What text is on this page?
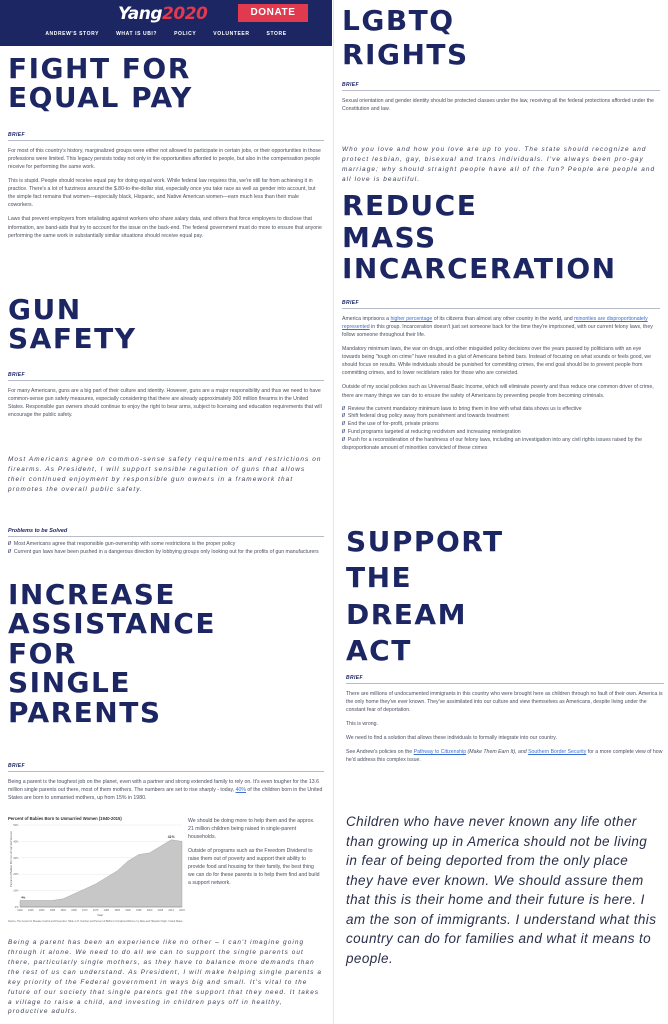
Yang2020	DONATE
ANDREW'S STORY	WHAT IS UBI?	POLICY	VOLUNTEER	STORE
FIGHT FOR
EQUAL PAY
BRIEF

For most of this country's history, marginalized groups were either not allowed to participate in certain jobs, or their opportunities in those professions were limited. This legacy persists today not only in the opportunities afforded to people, but also in the compensation people receive for performing the same work.

This is stupid. People should receive equal pay for doing equal work. While federal law requires this, we're still far from achieving it in practice. There's a lot of fuzziness around the $.80-to-the-dollar stat, especially once you take race as well as gender into account, but the simple fact remains that women—especially black, Hispanic, and Native American women—earn much less than their male coworkers.

Laws that prevent employers from retaliating against workers who share salary data, and others that force employers to disclose that information, are band-aids that try to account for the issue on the back-end. The federal government must do more to ensure that anyone performing the same work in substantially similar situations should receive equal pay.

GUN
SAFETY
BRIEF

For many Americans, guns are a big part of their culture and identity. However, guns are a major responsibility and thus we need to have common-sense gun safety measures, especially considering that there are already approximately 300 million firearms in the United States. Responsible gun owners should continue to enjoy the right to bear arms, subject to licensing and education requirements that will encourage the public safety.

Most Americans agree on common-sense safety requirements and restrictions on firearms. As President, I will support sensible regulation of guns that allows their continued enjoyment by responsible gun owners in a framework that promotes the overall public safety.

Problems to be Solved
// Most Americans agree that responsible gun-ownership with some restrictions is the proper policy
// Current gun laws have been pushed in a dangerous direction by lobbying groups only looking out for the profits of gun manufacturers
INCREASE
ASSISTANCE
FOR
SINGLE
PARENTS
BRIEF

Being a parent is the toughest job on the planet, even with a partner and strong extended family to rely on. It's even tougher for the 13.6 million single parents out there, most of them mothers. The numbers are set to rise sharply - today, 40% of the children born in the United States are born to unmarried mothers, up from 15% in 1980.

Percent of Babies Born to Unmarried Women (1940-2015)
Percent of Babies Born to Unmarried Women
0%
10%
20%
30%
40%
50%
1940 1945 1950 1955 1960 1965 1970 1975 1980 1985 1990 1995 2000 2005 2010 2015
41%
4%
Year
Source: The Center for Disease Control and Prevention, Table 1-17, Number and Percent of Births to Unmarried Women, by Race and Hispanic Origin: United States

We should be doing more to help them and the approx. 21 million children being raised in single-parent households.

Outside of programs such as the Freedom Dividend to raise them out of poverty and support their ability to provide food and housing for their family, the best thing we can do for these parents is to help them find and build a support network.

Being a parent has been an experience like no other – I can't imagine going through it alone. We need to do all we can to support the single parents out there, particularly single mothers, as they have to balance more demands than the rest of us can understand. As President, I will make helping single parents a key priority of the Federal government in ways big and small. It's vital to the future of our society that single parents get the support that they need. It takes a village to raise a child, and investing in children pays off in healthy, productive adults.

LGBTQ
RIGHTS
BRIEF

Sexual orientation and gender identity should be protected classes under the law, receiving all the federal protections afforded under the Constitution and law.

Who you love and how you love are up to you. The state should recognize and protect lesbian, gay, bisexual and trans individuals. I've always been pro-gay marriage; why should straight people have all of the fun? People are people and all love is beautiful.

REDUCE
MASS
INCARCERATION
BRIEF

America imprisons a higher percentage of its citizens than almost any other country in the world, and minorities are disproportionately represented in this group. Incarceration doesn't just set someone back for the time they're imprisoned, with our current felony laws, they follow someone throughout their life.

Mandatory minimum laws, the war on drugs, and other misguided policy decisions over the years passed by politicians with an eye towards being "tough on crime" have resulted in a glut of Americans behind bars. Instead of focusing on what sounds or feels good, we should focus on results. While individuals should be punished for committing crimes, the end goal should be to prevent people from committing crimes, and to lower recidivism rates for those who are convicted.

Outside of my social policies such as Universal Basic Income, which will eliminate poverty and thus reduce one common driver of crime, there are many things we can do to ensure the safety of Americans by preventing people from becoming criminals.

// Review the current mandatory minimum laws to bring them in line with what data shows us is effective
// Shift federal drug policy away from punishment and towards treatment
// End the use of for-profit, private prisons
// Fund programs targeted at reducing recidivism and increasing reintegration
// Push for a reconsideration of the harshness of our felony laws, including an investigation into any civil rights issues raised by the disproportionate amount of minorities convicted of these crimes
SUPPORT
THE
DREAM
ACT
BRIEF

There are millions of undocumented immigrants in this country who were brought here as children through no fault of their own. America is the only home they've ever known. They've assimilated into our culture and view themselves as Americans, despite living under the constant fear of deportation.

This is wrong.

We need to find a solution that allows these individuals to formally integrate into our country.

See Andrew's policies on the Pathway to Citizenship (Make Them Earn It), and Southern Border Security for a more complete view of how he'd address this complex issue.

Children who have never known any life other than growing up in America should not be living in fear of being deported from the only place they have ever known. We should assure them that this is their home and their future is here. I am the son of immigrants. I understand what this country can do for families and what it means to people.
